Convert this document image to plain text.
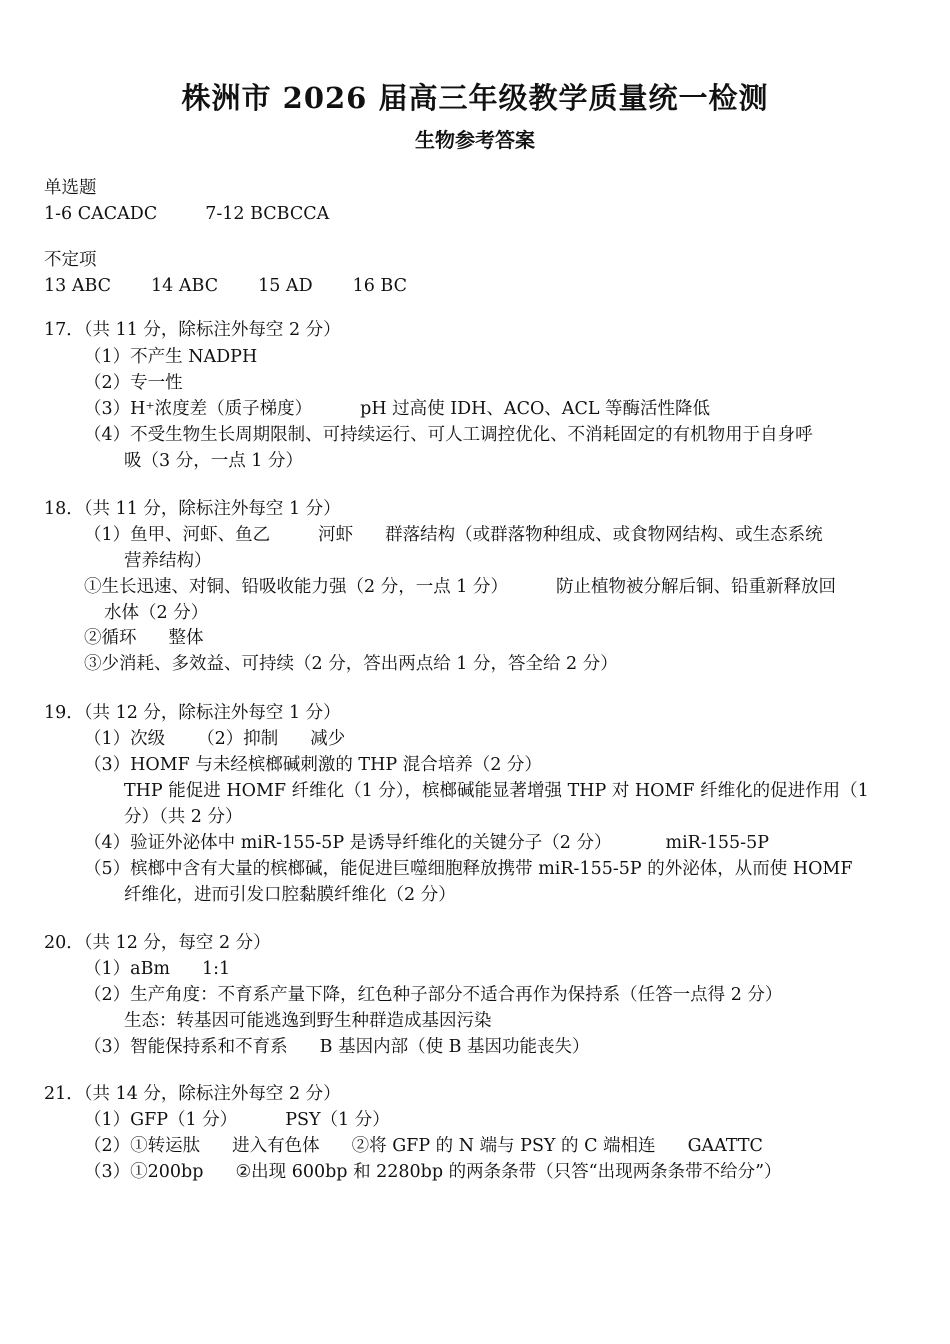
株洲市 2026 届高三年级教学质量统一检测
生物参考答案
单选题
1-6 CACADC	7-12 BCBCCA
不定项
13 ABC 14 ABC 15 AD 16 BC
17．（共 11 分，除标注外每空 2 分）
（1）不产生 NADPH
（2）专一性
（3）H⁺浓度差（质子梯度）	pH 过高使 IDH、ACO、ACL 等酶活性降低
（4）不受生物生长周期限制、可持续运行、可人工调控优化、不消耗固定的有机物用于自身呼
吸（3 分，一点 1 分）
18．（共 11 分，除标注外每空 1 分）
（1）鱼甲、河虾、鱼乙	河虾 群落结构（或群落物种组成、或食物网结构、或生态系统
营养结构）
①生长迅速、对铜、铅吸收能力强（2 分，一点 1 分）	防止植物被分解后铜、铅重新释放回
水体（2 分）
②循环 整体
③少消耗、多效益、可持续（2 分，答出两点给 1 分，答全给 2 分）
19．（共 12 分，除标注外每空 1 分）
（1）次级 （2）抑制 减少
（3）HOMF 与未经槟榔碱刺激的 THP 混合培养（2 分）
THP 能促进 HOMF 纤维化（1 分），槟榔碱能显著增强 THP 对 HOMF 纤维化的促进作用（1
分）（共 2 分）
（4）验证外泌体中 miR-155-5P 是诱导纤维化的关键分子（2 分）	miR-155-5P
（5）槟榔中含有大量的槟榔碱，能促进巨噬细胞释放携带 miR-155-5P 的外泌体，从而使 HOMF
纤维化，进而引发口腔黏膜纤维化（2 分）
20．（共 12 分，每空 2 分）
（1）aBm 1:1
（2）生产角度：不育系产量下降，红色种子部分不适合再作为保持系（任答一点得 2 分）
生态：转基因可能逃逸到野生种群造成基因污染
（3）智能保持系和不育系 B 基因内部（使 B 基因功能丧失）
21．（共 14 分，除标注外每空 2 分）
（1）GFP（1 分）	PSY（1 分）
（2）①转运肽 进入有色体 ②将 GFP 的 N 端与 PSY 的 C 端相连 GAATTC
（3）①200bp ②出现 600bp 和 2280bp 的两条条带（只答“出现两条条带不给分”）
